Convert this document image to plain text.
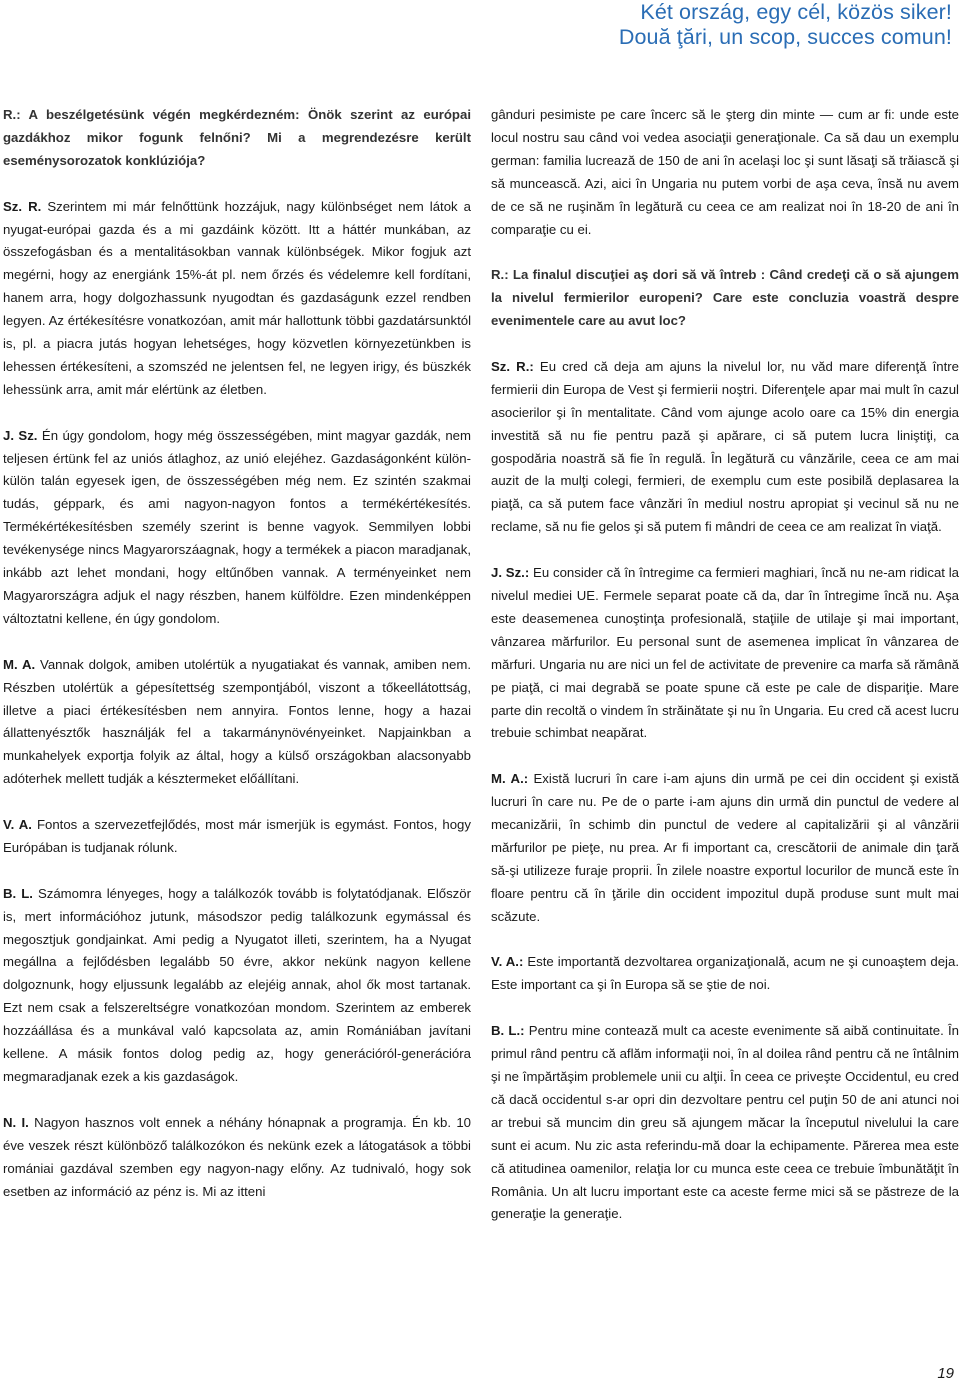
Két ország, egy cél, közös siker!
Două ţări, un scop, succes comun!

R.: A beszélgetésünk végén megkérdezném: Önök szerint az európai gazdákhoz mikor fogunk felnőni? Mi a megrendezésre került eseménysorozatok konklúziója?

Sz. R. Szerintem mi már felnőttünk hozzájuk, nagy különbséget nem látok a nyugat-európai gazda és a mi gazdáink között. Itt a háttér munkában, az összefogásban és a mentalitásokban vannak különbségek. Mikor fogjuk azt megérni, hogy az energiánk 15%-át pl. nem őrzés és védelemre kell fordítani, hanem arra, hogy dolgozhassunk nyugodtan és gazdaságunk ezzel rendben legyen. Az értékesítésre vonatkozóan, amit már hallottunk többi gazdatársunktól is, pl. a piacra jutás hogyan lehetséges, hogy közvetlen környezetünkben is lehessen értékesíteni, a szomszéd ne jelentsen fel, ne legyen irigy, és büszkék lehessünk arra, amit már elértünk az életben.

J. Sz. Én úgy gondolom, hogy még összességében, mint magyar gazdák, nem teljesen értünk fel az uniós átlaghoz, az unió elejéhez. Gazdaságonként külön-külön talán egyesek igen, de összességében még nem. Ez szintén szakmai tudás, géppark, és ami nagyon-nagyon fontos a termékértékesítés. Termékértékesítésben személy szerint is benne vagyok. Semmilyen lobbi tevékenysége nincs Magyarorszáagnak, hogy a termékek a piacon maradjanak, inkább azt lehet mondani, hogy eltűnőben vannak. A terményeinket nem Magyarországra adjuk el nagy részben, hanem külföldre. Ezen mindenképpen változtatni kellene, én úgy gondolom.

M. A. Vannak dolgok, amiben utolértük a nyugatiakat és vannak, amiben nem. Részben utolértük a gépesítettség szempontjából, viszont a tőkeellátottság, illetve a piaci értékesítésben nem annyira. Fontos lenne, hogy a hazai állattenyésztők használják fel a takarmánynövényeinket. Napjainkban a munkahelyek exportja folyik az által, hogy a külső országokban alacsonyabb adóterhek mellett tudják a késztermeket előállítani.

V. A. Fontos a szervezetfejlődés, most már ismerjük is egymást. Fontos, hogy Európában is tudjanak rólunk.

B. L. Számomra lényeges, hogy a találkozók tovább is folytatódjanak. Először is, mert információhoz jutunk, másodszor pedig találkozunk egymással és megosztjuk gondjainkat. Ami pedig a Nyugatot illeti, szerintem, ha a Nyugat megállna a fejlődésben legalább 50 évre, akkor nekünk nagyon kellene dolgoznunk, hogy eljussunk legalább az elejéig annak, ahol ők most tartanak. Ezt nem csak a felszereltségre vonatkozóan mondom. Szerintem az emberek hozzáállása és a munkával való kapcsolata az, amin Romániában javítani kellene. A másik fontos dolog pedig az, hogy generációról-generációra megmaradjanak ezek a kis gazdaságok.

N. I. Nagyon hasznos volt ennek a néhány hónapnak a programja. Én kb. 10 éve veszek részt különböző találkozókon és nekünk ezek a látogatások a többi romániai gazdával szemben egy nagyon-nagy előny. Az tudnivaló, hogy sok esetben az információ az pénz is. Mi az itteni

gânduri pesimiste pe care încerc să le şterg din minte — cum ar fi: unde este locul nostru sau când voi vedea asociaţii generaţionale. Ca să dau un exemplu german: familia lucrează de 150 de ani în acelaşi loc şi sunt lăsaţi să trăiască şi să muncească. Azi, aici în Ungaria nu putem vorbi de aşa ceva, însă nu avem de ce să ne ruşinăm în legătură cu ceea ce am realizat noi în 18-20 de ani în comparaţie cu ei.

R.: La finalul discuţiei aş dori să vă întreb : Când credeţi că o să ajungem la nivelul fermierilor europeni? Care este concluzia voastră despre evenimentele care au avut loc?

Sz. R.: Eu cred că deja am ajuns la nivelul lor, nu văd mare diferenţă între fermierii din Europa de Vest şi fermierii noştri. Diferenţele apar mai mult în cazul asocierilor şi în mentalitate. Când vom ajunge acolo oare ca 15% din energia investită să nu fie pentru pază şi apărare, ci să putem lucra liniştiţi, ca gospodăria noastră să fie în regulă. În legătură cu vânzările, ceea ce am mai auzit de la mulţi colegi, fermieri, de exemplu cum este posibilă deplasarea la piaţă, ca să putem face vânzări în mediul nostru apropiat şi vecinul să nu ne reclame, să nu fie gelos şi să putem fi mândri de ceea ce am realizat în viaţă.

J. Sz.: Eu consider că în întregime ca fermieri maghiari, încă nu ne-am ridicat la nivelul mediei UE. Fermele separat poate că da, dar în întregime încă nu. Aşa este deasemenea cunoştinţa profesională, staţiile de utilaje şi mai important, vânzarea mărfurilor. Eu personal sunt de asemenea implicat în vânzarea de mărfuri. Ungaria nu are nici un fel de activitate de prevenire ca marfa să rămână pe piaţă, ci mai degrabă se poate spune că este pe cale de dispariţie. Mare parte din recoltă o vindem în străinătate şi nu în Ungaria. Eu cred că acest lucru trebuie schimbat neapărat.

M. A.: Există lucruri în care i-am ajuns din urmă pe cei din occident şi există lucruri în care nu. Pe de o parte i-am ajuns din urmă din punctul de vedere al mecanizării, în schimb din punctul de vedere al capitalizării şi al vânzării mărfurilor pe pieţe, nu prea. Ar fi important ca, crescătorii de animale din ţară să-şi utilizeze furaje proprii. În zilele noastre exportul locurilor de muncă este în floare pentru că în ţările din occident impozitul după produse sunt mult mai scăzute.

V. A.: Este importantă dezvoltarea organizaţională, acum ne şi cunoaştem deja. Este important ca şi în Europa să se ştie de noi.

B. L.: Pentru mine contează mult ca aceste evenimente să aibă continuitate. În primul rând pentru că aflăm informaţii noi, în al doilea rând pentru că ne întâlnim şi ne împărtăşim problemele unii cu alţii. În ceea ce priveşte Occidentul, eu cred că dacă occidentul s-ar opri din dezvoltare pentru cel puţin 50 de ani atunci noi ar trebui să muncim din greu să ajungem măcar la începutul nivelului la care sunt ei acum. Nu zic asta referindu-mă doar la echipamente. Părerea mea este că atitudinea oamenilor, relaţia lor cu munca este ceea ce trebuie îmbunătăţit în România. Un alt lucru important este ca aceste ferme mici să se păstreze de la generaţie la generaţie.

19
